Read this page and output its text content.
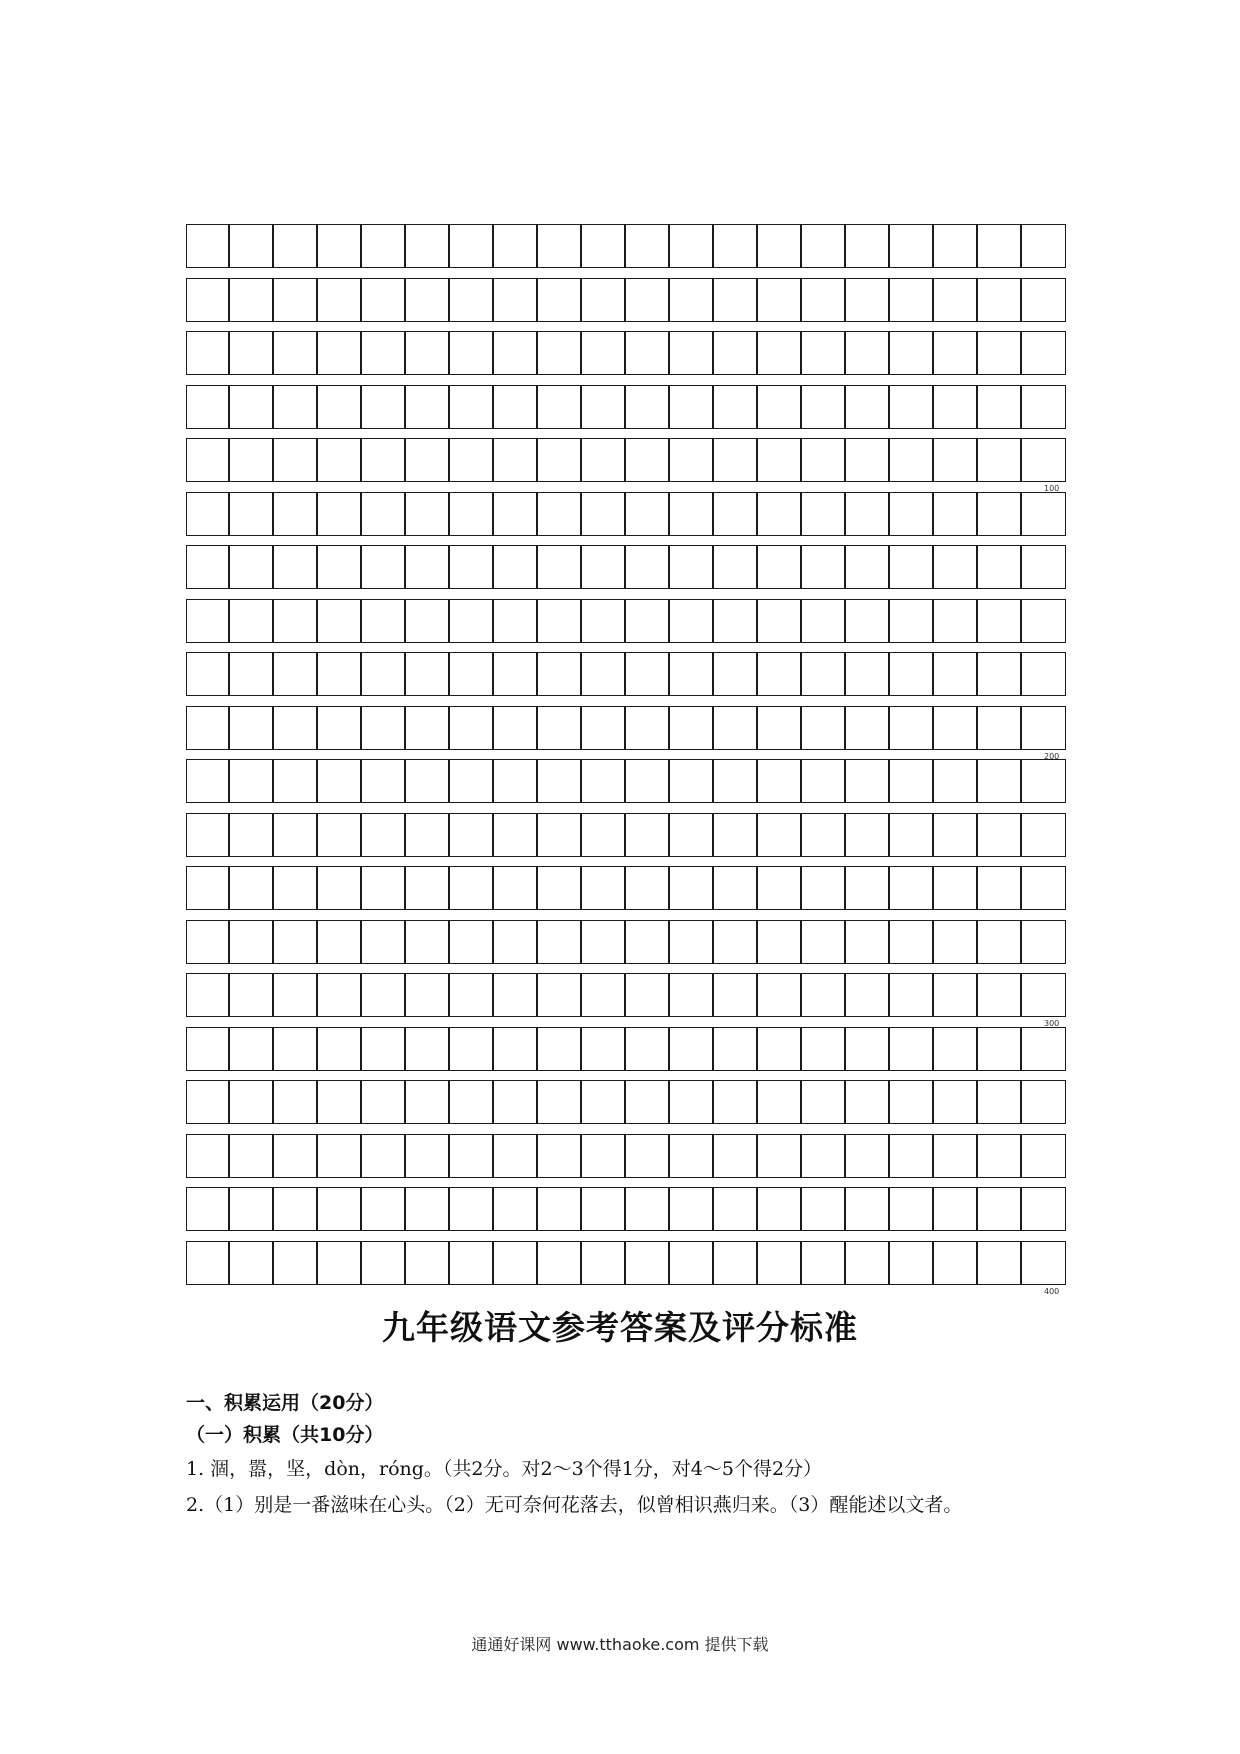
100
200
300
400
九年级语文参考答案及评分标准
一、积累运用（20分）
（一）积累（共10分）
1. 涸，嚣，坚，dòn，róng。（共2分。对2～3个得1分，对4～5个得2分）
2.（1）别是一番滋味在心头。（2）无可奈何花落去，似曾相识燕归来。（3）醒能述以文者。
通通好课网 www.tthaoke.com 提供下载
